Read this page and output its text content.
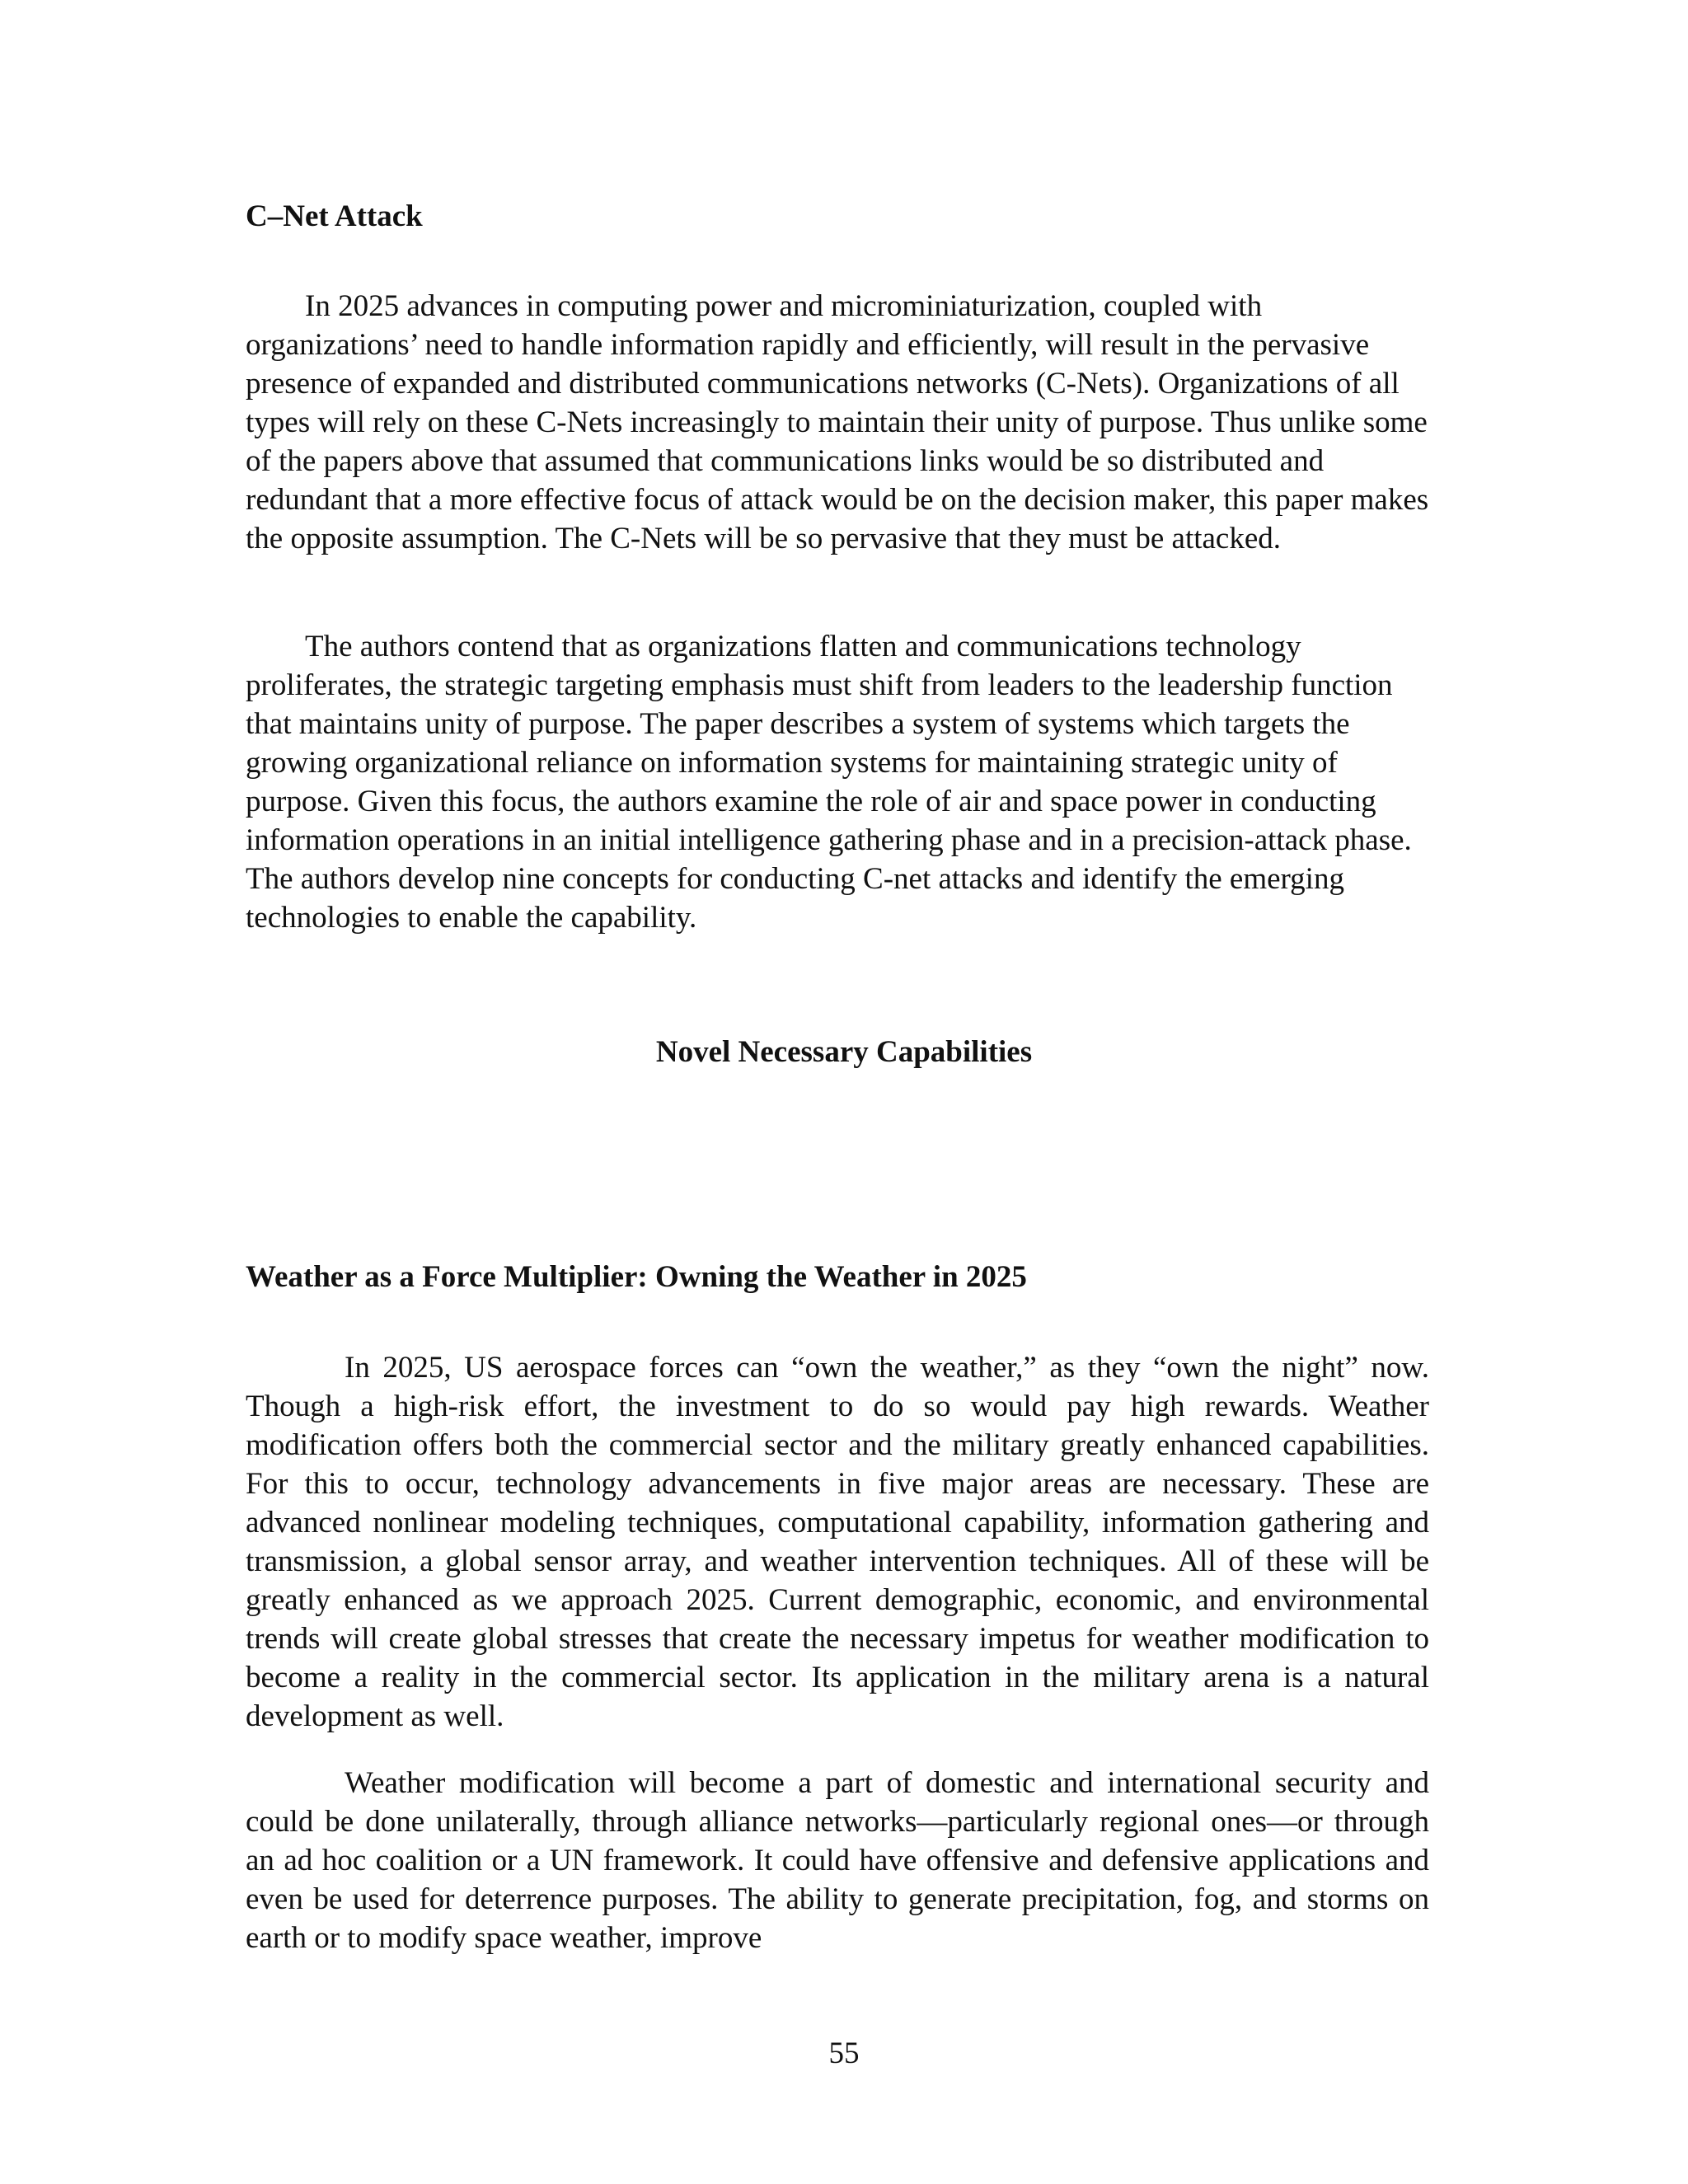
C–Net Attack

In 2025 advances in computing power and microminiaturization, coupled with organizations’ need to handle information rapidly and efficiently, will result in the pervasive presence of expanded and distributed communications networks (C-Nets). Organizations of all types will rely on these C-Nets increasingly to maintain their unity of purpose. Thus unlike some of the papers above that assumed that communications links would be so distributed and redundant that a more effective focus of attack would be on the decision maker, this paper makes the opposite assumption. The C-Nets will be so pervasive that they must be attacked.

The authors contend that as organizations flatten and communications technology proliferates, the strategic targeting emphasis must shift from leaders to the leadership function that maintains unity of purpose. The paper describes a system of systems which targets the growing organizational reliance on information systems for maintaining strategic unity of purpose. Given this focus, the authors examine the role of air and space power in conducting information operations in an initial intelligence gathering phase and in a precision-attack phase. The authors develop nine concepts for conducting C-net attacks and identify the emerging technologies to enable the capability.

Novel Necessary Capabilities
Weather as a Force Multiplier: Owning the Weather in 2025

In 2025, US aerospace forces can “own the weather,” as they “own the night” now. Though a high-risk effort, the investment to do so would pay high rewards. Weather modification offers both the commercial sector and the military greatly enhanced capabilities. For this to occur, technology advancements in five major areas are necessary. These are advanced nonlinear modeling techniques, computational capability, information gathering and transmission, a global sensor array, and weather intervention techniques. All of these will be greatly enhanced as we approach 2025. Current demographic, economic, and environmental trends will create global stresses that create the necessary impetus for weather modification to become a reality in the commercial sector. Its application in the military arena is a natural development as well.

Weather modification will become a part of domestic and international security and could be done unilaterally, through alliance networks—particularly regional ones—or through an ad hoc coalition or a UN framework. It could have offensive and defensive applications and even be used for deterrence purposes. The ability to generate precipitation, fog, and storms on earth or to modify space weather, improve

55
